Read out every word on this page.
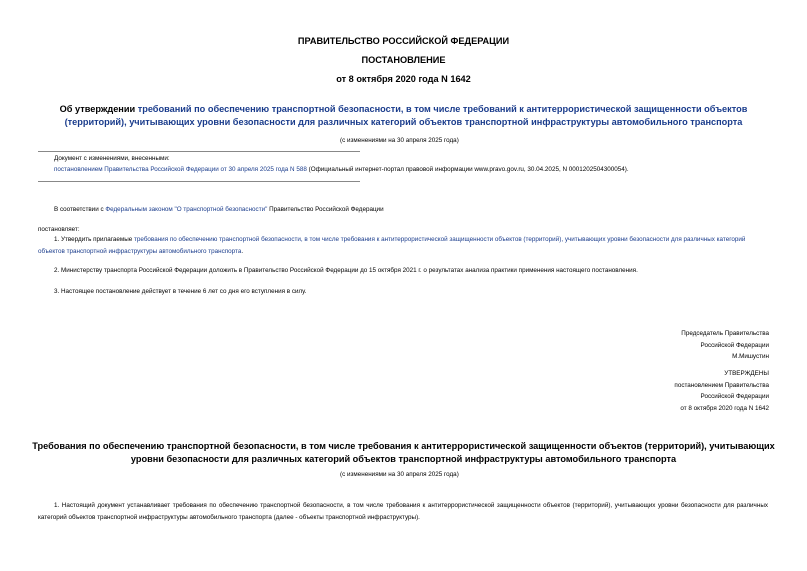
ПРАВИТЕЛЬСТВО РОССИЙСКОЙ ФЕДЕРАЦИИ
ПОСТАНОВЛЕНИЕ
от 8 октября 2020 года N 1642
Об утверждении требований по обеспечению транспортной безопасности, в том числе требований к антитеррористической защищенности объектов (территорий), учитывающих уровни безопасности для различных категорий объектов транспортной инфраструктуры автомобильного транспорта
(с изменениями на 30 апреля 2025 года)
Документ с изменениями, внесенными:
постановлением Правительства Российской Федерации от 30 апреля 2025 года N 588 (Официальный интернет-портал правовой информации www.pravo.gov.ru, 30.04.2025, N 0001202504300054).
В соответствии с Федеральным законом "О транспортной безопасности" Правительство Российской Федерации
постановляет:
1. Утвердить прилагаемые требования по обеспечению транспортной безопасности, в том числе требования к антитеррористической защищенности объектов (территорий), учитывающих уровни безопасности для различных категорий объектов транспортной инфраструктуры автомобильного транспорта.
2. Министерству транспорта Российской Федерации доложить в Правительство Российской Федерации до 15 октября 2021 г. о результатах анализа практики применения настоящего постановления.
3. Настоящее постановление действует в течение 6 лет со дня его вступления в силу.
Председатель Правительства
Российской Федерации
М.Мишустин
УТВЕРЖДЕНЫ
постановлением Правительства
Российской Федерации
от 8 октября 2020 года N 1642
Требования по обеспечению транспортной безопасности, в том числе требования к антитеррористической защищенности объектов (территорий), учитывающих уровни безопасности для различных категорий объектов транспортной инфраструктуры автомобильного транспорта
(с изменениями на 30 апреля 2025 года)
1. Настоящий документ устанавливает требования по обеспечению транспортной безопасности, в том числе требования к антитеррористической защищенности объектов (территорий), учитывающих уровни безопасности для различных категорий объектов транспортной инфраструктуры автомобильного транспорта (далее - объекты транспортной инфраструктуры).
